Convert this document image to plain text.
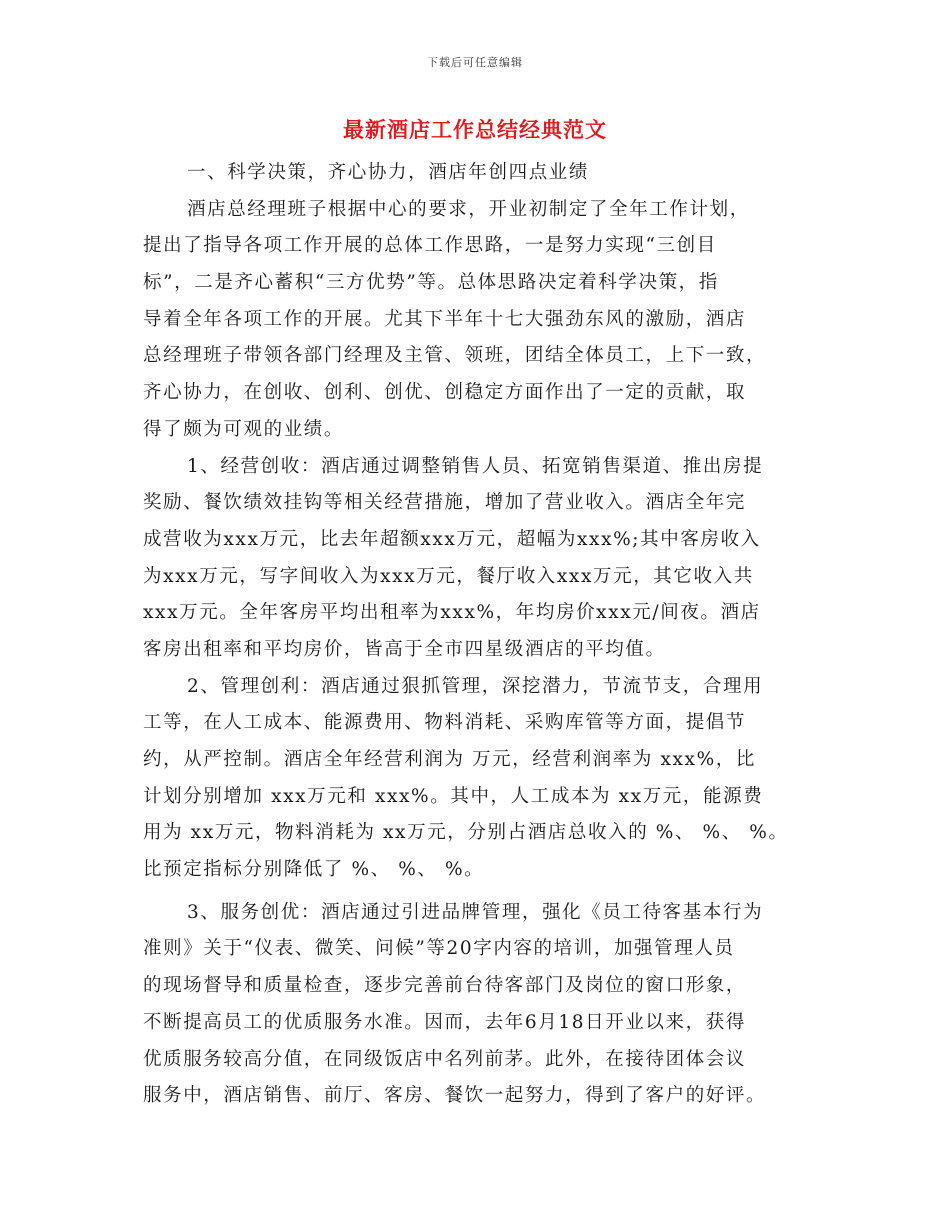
下载后可任意编辑
最新酒店工作总结经典范文
一、科学决策，齐心协力，酒店年创四点业绩
酒店总经理班子根据中心的要求，开业初制定了全年工作计划，
提出了指导各项工作开展的总体工作思路，一是努力实现“三创目
标”，二是齐心蓄积“三方优势”等。总体思路决定着科学决策，指
导着全年各项工作的开展。尤其下半年十七大强劲东风的激励，酒店
总经理班子带领各部门经理及主管、领班，团结全体员工，上下一致，
齐心协力，在创收、创利、创优、创稳定方面作出了一定的贡献，取
得了颇为可观的业绩。
1、经营创收：酒店通过调整销售人员、拓宽销售渠道、推出房提
奖励、餐饮绩效挂钩等相关经营措施，增加了营业收入。酒店全年完
成营收为xxx万元，比去年超额xxx万元，超幅为xxx%;其中客房收入
为xxx万元，写字间收入为xxx万元，餐厅收入xxx万元，其它收入共
xxx万元。全年客房平均出租率为xxx%，年均房价xxx元/间夜。酒店
客房出租率和平均房价，皆高于全市四星级酒店的平均值。
2、管理创利：酒店通过狠抓管理，深挖潜力，节流节支，合理用
工等，在人工成本、能源费用、物料消耗、采购库管等方面，提倡节
约，从严控制。酒店全年经营利润为 万元，经营利润率为 xxx%，比
计划分别增加 xxx万元和 xxx%。其中，人工成本为 xx万元，能源费
用为 xx万元，物料消耗为 xx万元，分别占酒店总收入的 %、 %、 %。
比预定指标分别降低了 %、 %、 %。
3、服务创优：酒店通过引进品牌管理，强化《员工待客基本行为
准则》关于“仪表、微笑、问候”等20字内容的培训，加强管理人员
的现场督导和质量检查，逐步完善前台待客部门及岗位的窗口形象，
不断提高员工的优质服务水准。因而，去年6月18日开业以来，获得
优质服务较高分值，在同级饭店中名列前茅。此外，在接待团体会议
服务中，酒店销售、前厅、客房、餐饮一起努力，得到了客户的好评。
